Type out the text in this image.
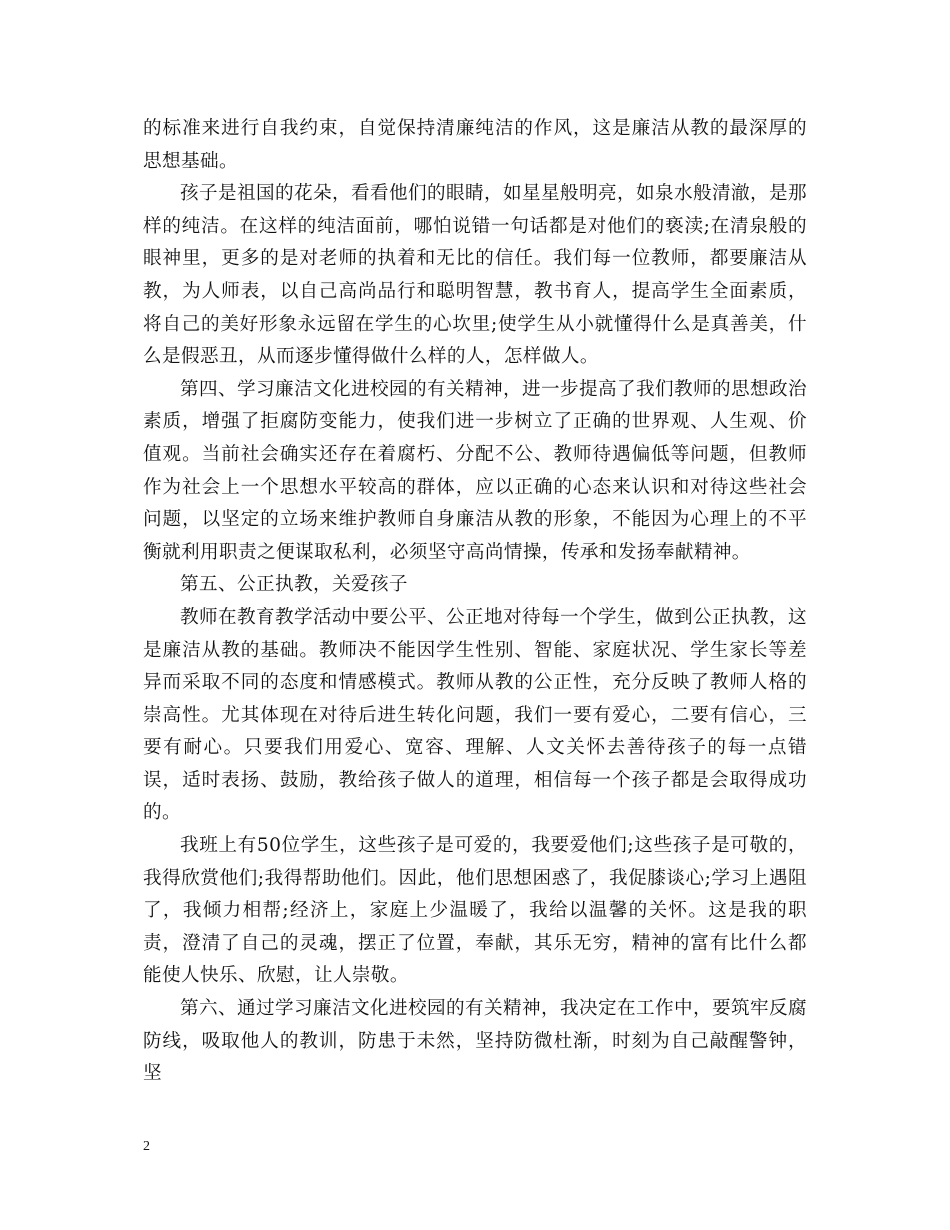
的标准来进行自我约束，自觉保持清廉纯洁的作风，这是廉洁从教的最深厚的思想基础。

孩子是祖国的花朵，看看他们的眼睛，如星星般明亮，如泉水般清澈，是那样的纯洁。在这样的纯洁面前，哪怕说错一句话都是对他们的亵渎;在清泉般的眼神里，更多的是对老师的执着和无比的信任。我们每一位教师，都要廉洁从教，为人师表，以自己高尚品行和聪明智慧，教书育人，提高学生全面素质，将自己的美好形象永远留在学生的心坎里;使学生从小就懂得什么是真善美，什么是假恶丑，从而逐步懂得做什么样的人，怎样做人。

第四、学习廉洁文化进校园的有关精神，进一步提高了我们教师的思想政治素质，增强了拒腐防变能力，使我们进一步树立了正确的世界观、人生观、价值观。当前社会确实还存在着腐朽、分配不公、教师待遇偏低等问题，但教师作为社会上一个思想水平较高的群体，应以正确的心态来认识和对待这些社会问题，以坚定的立场来维护教师自身廉洁从教的形象，不能因为心理上的不平衡就利用职责之便谋取私利，必须坚守高尚情操，传承和发扬奉献精神。

第五、公正执教，关爱孩子

教师在教育教学活动中要公平、公正地对待每一个学生，做到公正执教，这是廉洁从教的基础。教师决不能因学生性别、智能、家庭状况、学生家长等差异而采取不同的态度和情感模式。教师从教的公正性，充分反映了教师人格的崇高性。尤其体现在对待后进生转化问题，我们一要有爱心，二要有信心，三要有耐心。只要我们用爱心、宽容、理解、人文关怀去善待孩子的每一点错误，适时表扬、鼓励，教给孩子做人的道理，相信每一个孩子都是会取得成功的。

我班上有50位学生，这些孩子是可爱的，我要爱他们;这些孩子是可敬的，我得欣赏他们;我得帮助他们。因此，他们思想困惑了，我促膝谈心;学习上遇阻了，我倾力相帮;经济上，家庭上少温暖了，我给以温馨的关怀。这是我的职责，澄清了自己的灵魂，摆正了位置，奉献，其乐无穷，精神的富有比什么都能使人快乐、欣慰，让人崇敬。

第六、通过学习廉洁文化进校园的有关精神，我决定在工作中，要筑牢反腐防线，吸取他人的教训，防患于未然，坚持防微杜渐，时刻为自己敲醒警钟，坚

2
